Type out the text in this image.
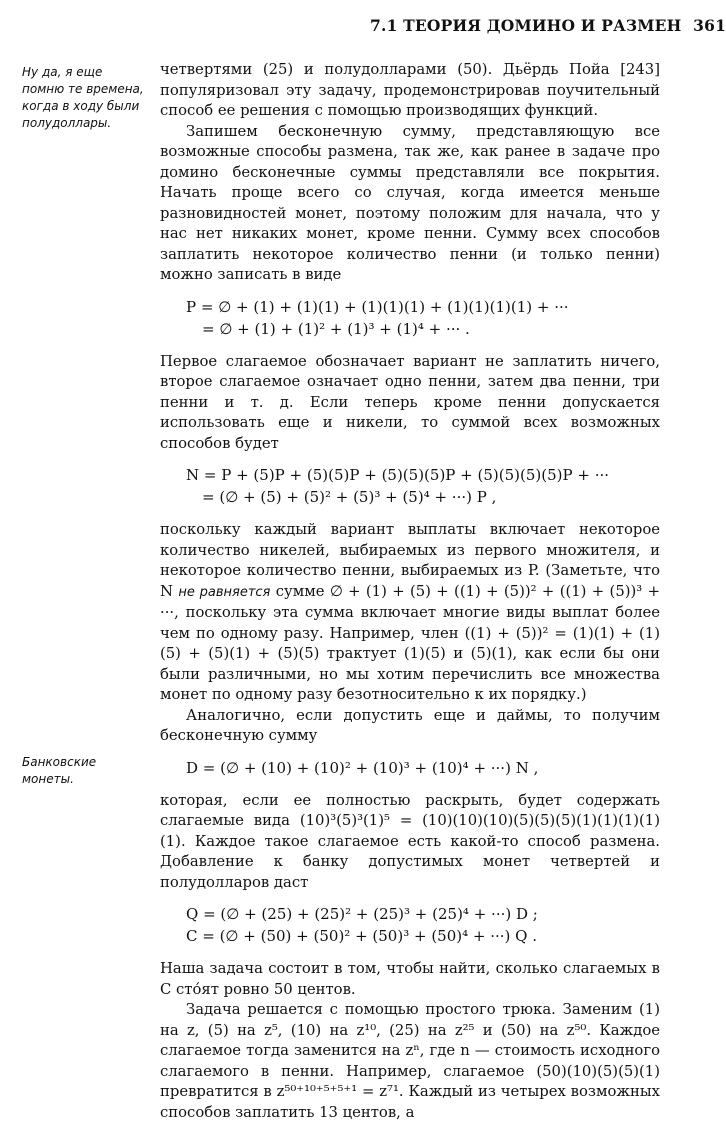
7.1 ТЕОРИЯ ДОМИНО И РАЗМЕН 361
Ну да, я еще помню те времена, когда в ходу были полудоллары.
Банковские монеты.

четвертями (25) и полудолларами (50). Дьёрдь Пойа [243] популяризовал эту задачу, продемонстрировав поучительный способ ее решения с помощью производящих функций.

Запишем бесконечную сумму, представляющую все возможные способы размена, так же, как ранее в задаче про домино бесконечные суммы представляли все покрытия. Начать проще всего со случая, когда имеется меньше разновидностей монет, поэтому положим для начала, что у нас нет никаких монет, кроме пенни. Сумму всех способов заплатить некоторое количество пенни (и только пенни) можно записать в виде

P = ∅ + (1) + (1)(1) + (1)(1)(1) + (1)(1)(1)(1) + ···
= ∅ + (1) + (1)² + (1)³ + (1)⁴ + ··· .

Первое слагаемое обозначает вариант не заплатить ничего, второе слагаемое означает одно пенни, затем два пенни, три пенни и т. д. Если теперь кроме пенни допускается использовать еще и никели, то суммой всех возможных способов будет

N = P + (5)P + (5)(5)P + (5)(5)(5)P + (5)(5)(5)(5)P + ···
= (∅ + (5) + (5)² + (5)³ + (5)⁴ + ···) P ,

поскольку каждый вариант выплаты включает некоторое количество никелей, выбираемых из первого множителя, и некоторое количество пенни, выбираемых из P. (Заметьте, что N не равняется сумме ∅ + (1) + (5) + ((1) + (5))² + ((1) + (5))³ + ···, поскольку эта сумма включает многие виды выплат более чем по одному разу. Например, член ((1) + (5))² = (1)(1) + (1)(5) + (5)(1) + (5)(5) трактует (1)(5) и (5)(1), как если бы они были различными, но мы хотим перечислить все множества монет по одному разу безотносительно к их порядку.)

Аналогично, если допустить еще и даймы, то получим бесконечную сумму

D = (∅ + (10) + (10)² + (10)³ + (10)⁴ + ···) N ,

которая, если ее полностью раскрыть, будет содержать слагаемые вида (10)³(5)³(1)⁵ = (10)(10)(10)(5)(5)(5)(1)(1)(1)(1)(1). Каждое такое слагаемое есть какой-то способ размена. Добавление к банку допустимых монет четвертей и полудолларов даст

Q = (∅ + (25) + (25)² + (25)³ + (25)⁴ + ···) D ;
C = (∅ + (50) + (50)² + (50)³ + (50)⁴ + ···) Q .

Наша задача состоит в том, чтобы найти, сколько слагаемых в C сто́ят ровно 50 центов.

Задача решается с помощью простого трюка. Заменим (1) на z, (5) на z⁵, (10) на z¹⁰, (25) на z²⁵ и (50) на z⁵⁰. Каждое слагаемое тогда заменится на zⁿ, где n — стоимость исходного слагаемого в пенни. Например, слагаемое (50)(10)(5)(5)(1) превратится в z⁵⁰⁺¹⁰⁺⁵⁺⁵⁺¹ = z⁷¹. Каждый из четырех возможных способов заплатить 13 центов, а
